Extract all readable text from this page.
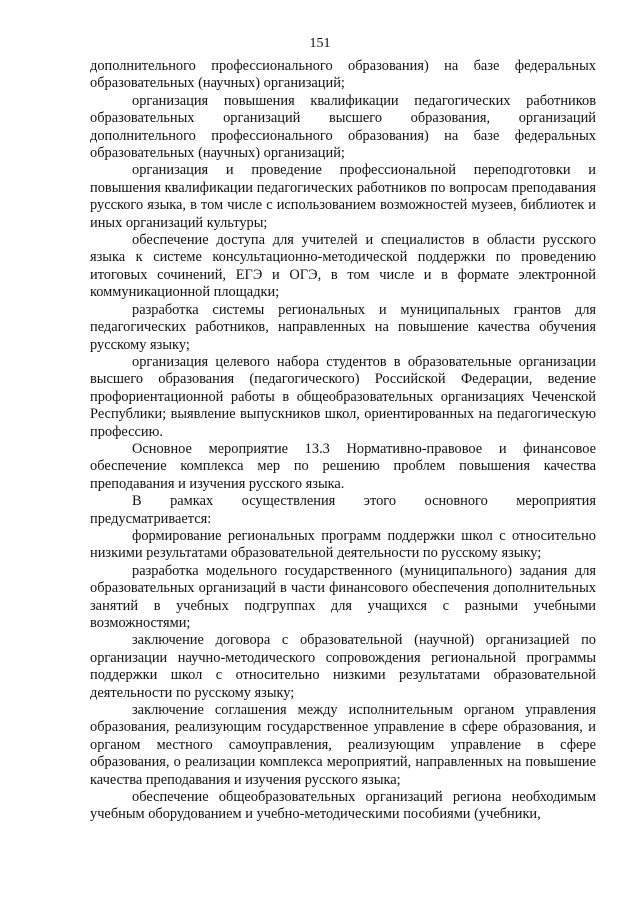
151

дополнительного профессионального образования) на базе федеральных образовательных (научных) организаций;

организация повышения квалификации педагогических работников образовательных организаций высшего образования, организаций дополнительного профессионального образования) на базе федеральных образовательных (научных) организаций;

организация и проведение профессиональной переподготовки и повышения квалификации педагогических работников по вопросам преподавания русского языка, в том числе с использованием возможностей музеев, библиотек и иных организаций культуры;

обеспечение доступа для учителей и специалистов в области русского языка к системе консультационно-методической поддержки по проведению итоговых сочинений, ЕГЭ и ОГЭ, в том числе и в формате электронной коммуникационной площадки;

разработка системы региональных и муниципальных грантов для педагогических работников, направленных на повышение качества обучения русскому языку;

организация целевого набора студентов в образовательные организации высшего образования (педагогического) Российской Федерации, ведение профориентационной работы в общеобразовательных организациях Чеченской Республики; выявление выпускников школ, ориентированных на педагогическую профессию.

Основное мероприятие 13.3 Нормативно-правовое и финансовое обеспечение комплекса мер по решению проблем повышения качества преподавания и изучения русского языка.

В рамках осуществления этого основного мероприятия предусматривается:

формирование региональных программ поддержки школ с относительно низкими результатами образовательной деятельности по русскому языку;

разработка модельного государственного (муниципального) задания для образовательных организаций в части финансового обеспечения дополнительных занятий в учебных подгруппах для учащихся с разными учебными возможностями;

заключение договора с образовательной (научной) организацией по организации научно-методического сопровождения региональной программы поддержки школ с относительно низкими результатами образовательной деятельности по русскому языку;

заключение соглашения между исполнительным органом управления образования, реализующим государственное управление в сфере образования, и органом местного самоуправления, реализующим управление в сфере образования, о реализации комплекса мероприятий, направленных на повышение качества преподавания и изучения русского языка;

обеспечение общеобразовательных организаций региона необходимым учебным оборудованием и учебно-методическими пособиями (учебники,
